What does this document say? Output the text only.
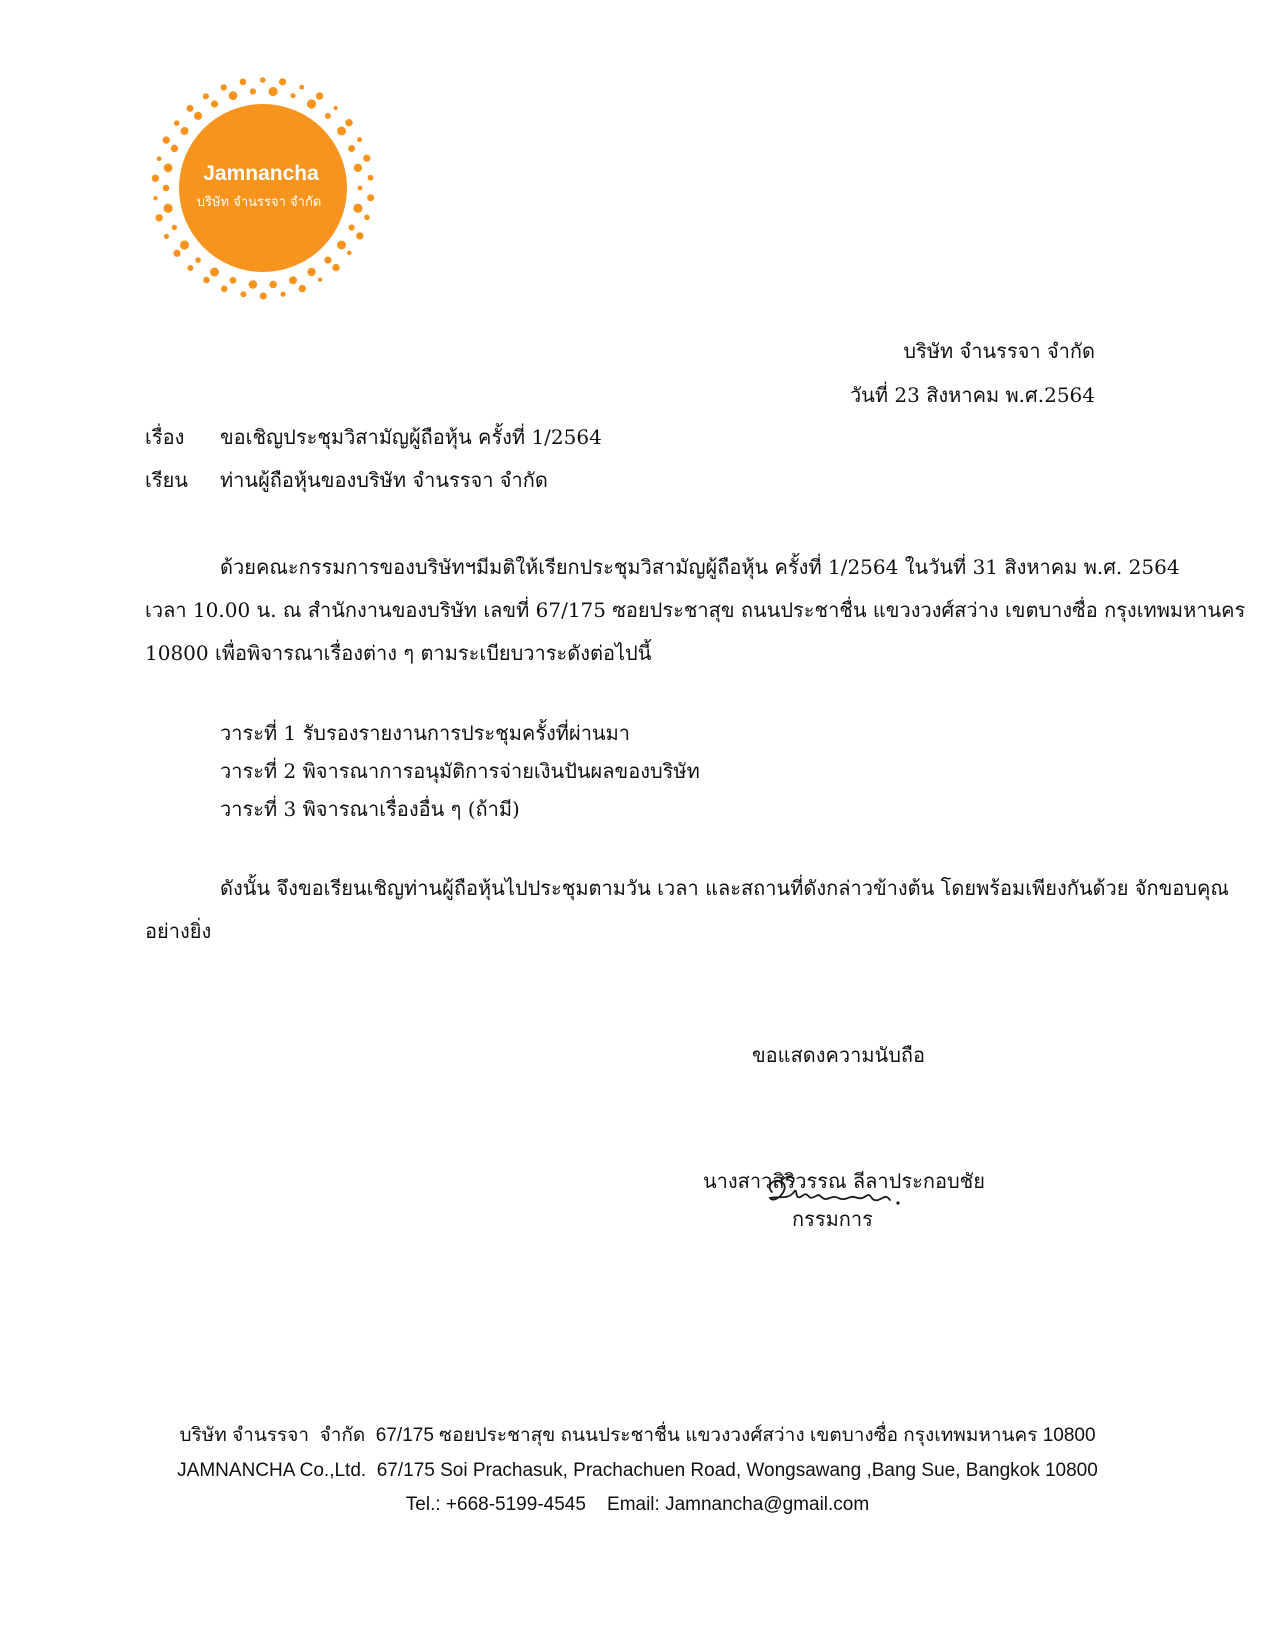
Jamnancha
บริษัท จำนรรจา จำกัด
บริษัท จำนรรจา จำกัด
วันที่ 23 สิงหาคม พ.ศ.2564
เรื่อง ขอเชิญประชุมวิสามัญผู้ถือหุ้น ครั้งที่ 1/2564
เรียน ท่านผู้ถือหุ้นของบริษัท จำนรรจา จำกัด
ด้วยคณะกรรมการของบริษัทฯมีมติให้เรียกประชุมวิสามัญผู้ถือหุ้น ครั้งที่ 1/2564 ในวันที่ 31 สิงหาคม พ.ศ. 2564
เวลา 10.00 น. ณ สำนักงานของบริษัท เลขที่ 67/175 ซอยประชาสุข ถนนประชาชื่น แขวงวงศ์สว่าง เขตบางซื่อ กรุงเทพมหานคร
10800 เพื่อพิจารณาเรื่องต่าง ๆ ตามระเบียบวาระดังต่อไปนี้
วาระที่ 1 รับรองรายงานการประชุมครั้งที่ผ่านมา
วาระที่ 2 พิจารณาการอนุมัติการจ่ายเงินปันผลของบริษัท
วาระที่ 3 พิจารณาเรื่องอื่น ๆ (ถ้ามี)
ดังนั้น จึงขอเรียนเชิญท่านผู้ถือหุ้นไปประชุมตามวัน เวลา และสถานที่ดังกล่าวข้างต้น โดยพร้อมเพียงกันด้วย จักขอบคุณ
อย่างยิ่ง
ขอแสดงความนับถือ
นางสาวสิริวรรณ ลีลาประกอบชัย
กรรมการ
บริษัท จำนรรจา  จำกัด  67/175 ซอยประชาสุข ถนนประชาชื่น แขวงวงศ์สว่าง เขตบางซื่อ กรุงเทพมหานคร 10800
JAMNANCHA Co.,Ltd.  67/175 Soi Prachasuk, Prachachuen Road, Wongsawang ,Bang Sue, Bangkok 10800
Tel.: +668-5199-4545    Email: Jamnancha@gmail.com
